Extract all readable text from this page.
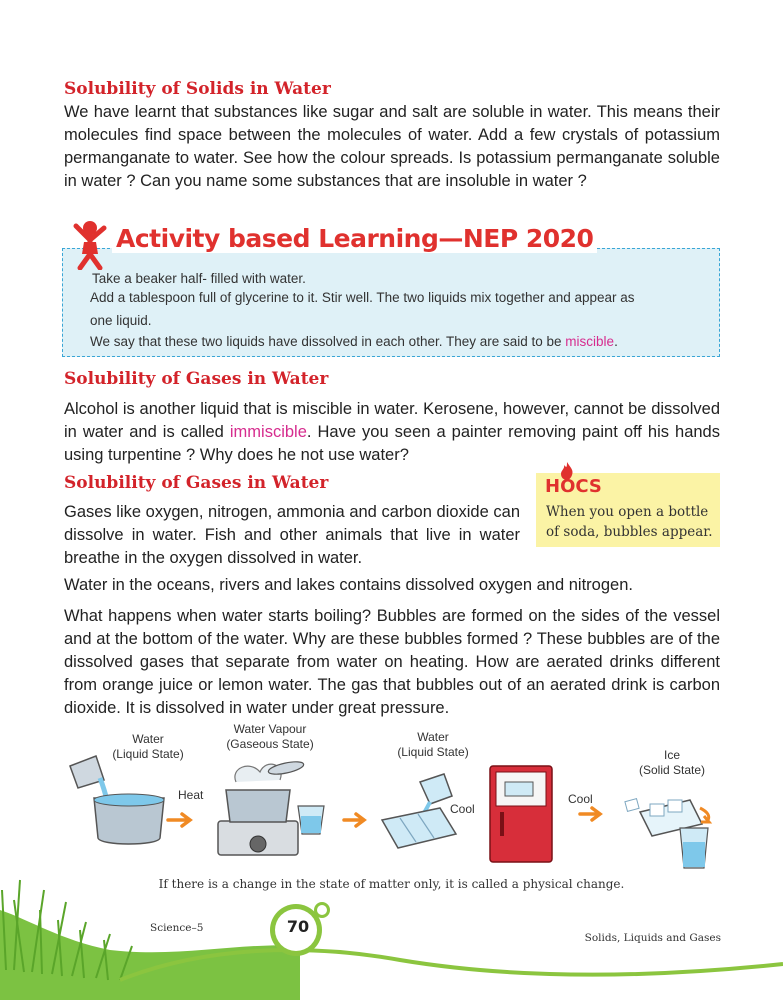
Solubility of Solids in Water
We have learnt that substances like sugar and salt are soluble in water. This means their molecules find space between the molecules of water. Add a few crystals of potassium permanganate to water. See how the colour spreads. Is potassium permanganate soluble in water ? Can you name some substances that are insoluble in water ?
Activity based Learning—NEP 2020
Take a beaker half- filled with water.
Add a tablespoon full of glycerine to it. Stir well. The two liquids mix together and appear as
one liquid.
We say that these two liquids have dissolved in each other. They are said to be miscible.
Solubility of Gases in Water
Alcohol is another liquid that is miscible in water. Kerosene, however, cannot be dissolved in water and is called immiscible. Have you seen a painter removing paint off his hands using turpentine ? Why does he not use water?
Solubility of Gases in Water
Gases like oxygen, nitrogen, ammonia and carbon dioxide can dissolve in water. Fish and other animals that live in water breathe in the oxygen dissolved in water.
HOCS
When you open a bottle of soda, bubbles appear.
Water in the oceans, rivers and lakes contains dissolved oxygen and nitrogen.
What happens when water starts boiling? Bubbles are formed on the sides of the vessel and at the bottom of the water. Why are these bubbles formed ? These bubbles are of the dissolved gases that separate from water on heating. How are aerated drinks different from orange juice or lemon water. The gas that bubbles out of an aerated drink is carbon dioxide. It is dissolved in water under great pressure.
Water
(Liquid State)
Heat
Water Vapour
(Gaseous State)	Water
(Liquid State)
Cool
Cool
Ice
(Solid State)
If there is a change in the state of matter only, it is called a physical change.
Science–5	70
Solids, Liquids and Gases
